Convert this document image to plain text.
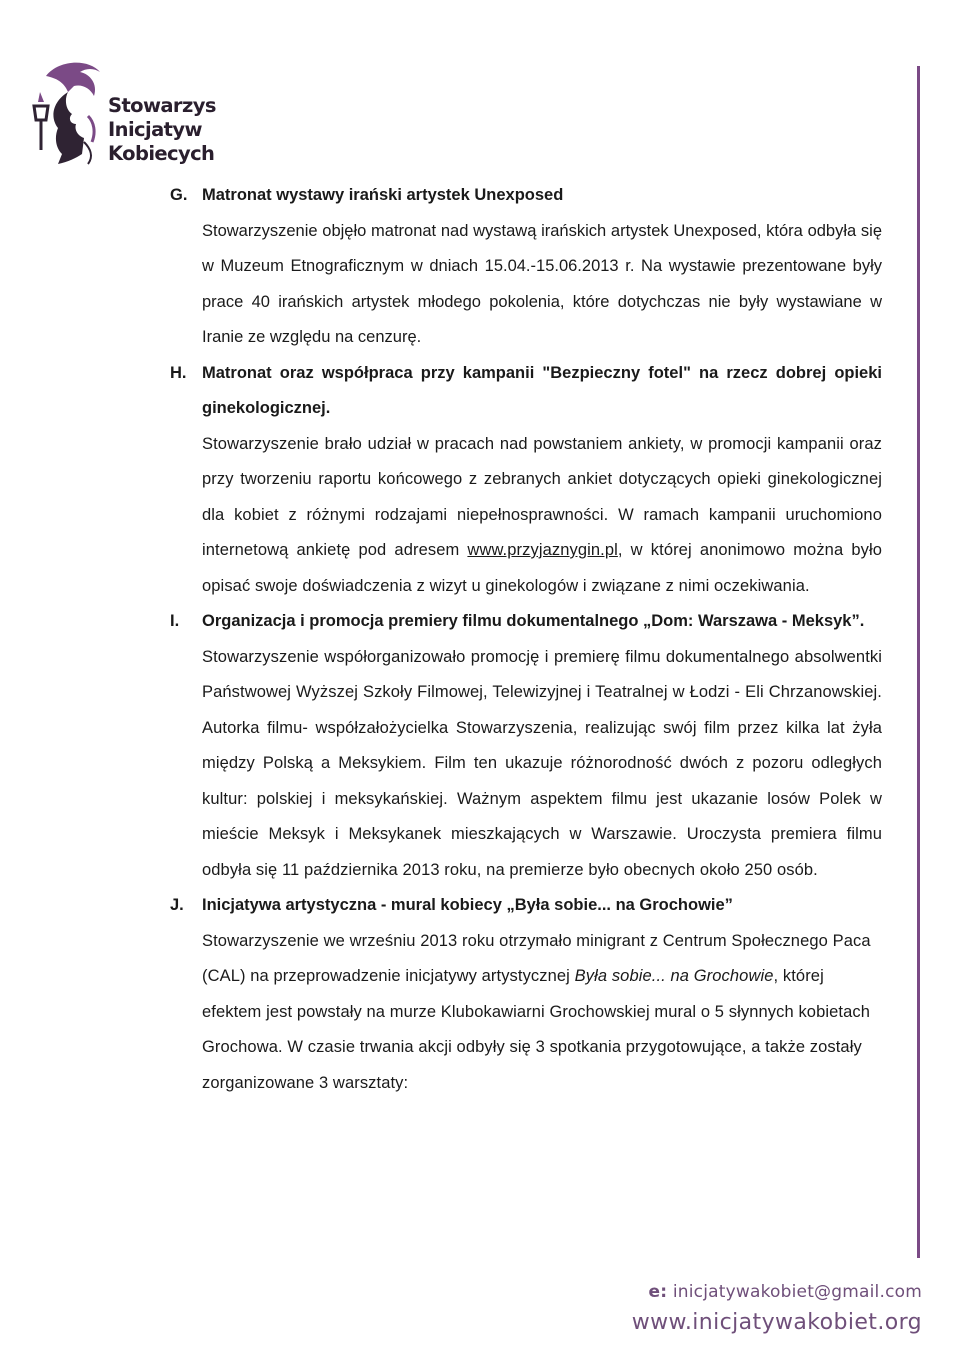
Stowarzys
Inicjatyw
Kobiecych
G. Matronat wystawy irański artystek Unexposed
Stowarzyszenie objęło matronat nad wystawą irańskich artystek Unexposed, która odbyła się w Muzeum Etnograficznym w dniach 15.04.-15.06.2013 r. Na wystawie prezentowane były prace 40 irańskich artystek młodego pokolenia, które dotychczas nie były wystawiane w Iranie ze względu na cenzurę.
H. Matronat oraz współpraca przy kampanii "Bezpieczny fotel" na rzecz dobrej opieki ginekologicznej.
Stowarzyszenie brało udział w pracach nad powstaniem ankiety, w promocji kampanii oraz przy tworzeniu raportu końcowego z zebranych ankiet dotyczących opieki ginekologicznej dla kobiet z różnymi rodzajami niepełnosprawności. W ramach kampanii uruchomiono internetową ankietę pod adresem www.przyjaznygin.pl, w której anonimowo można było opisać swoje doświadczenia z wizyt u ginekologów i związane z nimi oczekiwania.
I. Organizacja i promocja premiery filmu dokumentalnego „Dom: Warszawa - Meksyk”.
Stowarzyszenie współorganizowało promocję i premierę filmu dokumentalnego absolwentki Państwowej Wyższej Szkoły Filmowej, Telewizyjnej i Teatralnej w Łodzi - Eli Chrzanowskiej. Autorka filmu- współzałożycielka Stowarzyszenia, realizując swój film przez kilka lat żyła między Polską a Meksykiem. Film ten ukazuje różnorodność dwóch z pozoru odległych kultur: polskiej i meksykańskiej. Ważnym aspektem filmu jest ukazanie losów Polek w mieście Meksyk i Meksykanek mieszkających w Warszawie. Uroczysta premiera filmu odbyła się 11 października 2013 roku, na premierze było obecnych około 250 osób.
J. Inicjatywa artystyczna - mural kobiecy „Była sobie... na Grochowie”
Stowarzyszenie we wrześniu 2013 roku otrzymało minigrant z Centrum Społecznego Paca (CAL) na przeprowadzenie inicjatywy artystycznej Była sobie... na Grochowie, której efektem jest powstały na murze Klubokawiarni Grochowskiej mural o 5 słynnych kobietach Grochowa. W czasie trwania akcji odbyły się 3 spotkania przygotowujące, a także zostały zorganizowane 3 warsztaty:
e: inicjatywakobiet@gmail.com
www.inicjatywakobiet.org
